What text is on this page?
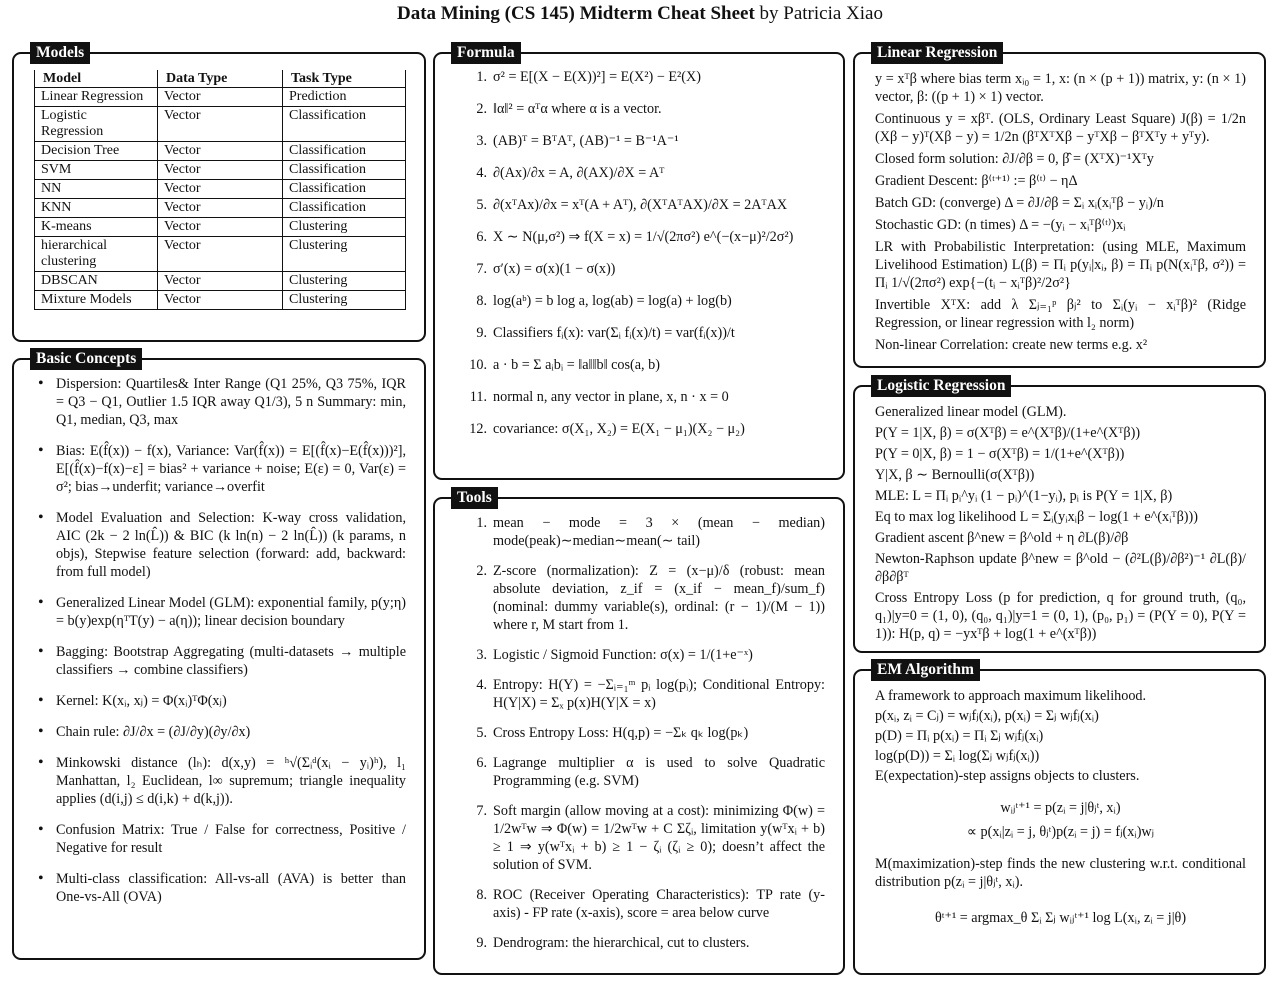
Data Mining (CS 145) Midterm Cheat Sheet by Patricia Xiao
Models
Model	Data Type	Task Type
Linear Regression	Vector	Prediction
Logistic Regression	Vector	Classification
Decision Tree	Vector	Classification
SVM	Vector	Classification
NN	Vector	Classification
KNN	Vector	Classification
K-means	Vector	Clustering
hierarchical clustering	Vector	Clustering
DBSCAN	Vector	Clustering
Mixture Models	Vector	Clustering
Basic Concepts
• Dispersion: Quartiles& Inter Range (Q1 25%, Q3 75%, IQR = Q3 − Q1, Outlier 1.5 IQR away Q1/3), 5 n Summary: min, Q1, median, Q3, max
• Bias: E(f̂(x)) − f(x), Variance: Var(f̂(x)) = E[(f̂(x)−E(f̂(x)))²], E[(f̂(x)−f(x)−ε] = bias² + variance + noise; E(ε) = 0, Var(ε) = σ²; bias→underfit; variance→overfit
• Model Evaluation and Selection: K-way cross validation, AIC (2k − 2 ln(L̂)) & BIC (k ln(n) − 2 ln(L̂)) (k params, n objs), Stepwise feature selection (forward: add, backward: from full model)
• Generalized Linear Model (GLM): exponential family, p(y;η) = b(y)exp(ηᵀT(y) − a(η)); linear decision boundary
• Bagging: Bootstrap Aggregating (multi-datasets → multiple classifiers → combine classifiers)
• Kernel: K(xᵢ, xⱼ) = Φ(xᵢ)ᵀΦ(xⱼ)
• Chain rule: ∂J/∂x = (∂J/∂y)(∂y/∂x)
• Minkowski distance (lₕ): d(x,y) = ʰ√(Σᵢᵈ(xᵢ − yᵢ)ʰ), l₁ Manhattan, l₂ Euclidean, l∞ supremum; triangle inequality applies (d(i,j) ≤ d(i,k) + d(k,j)).
• Confusion Matrix: True / False for correctness, Positive / Negative for result
• Multi-class classification: All-vs-all (AVA) is better than One-vs-All (OVA)
Formula
1. σ² = E[(X − E(X))²] = E(X²) − E²(X)
2. ‖α‖² = αᵀα where α is a vector.
3. (AB)ᵀ = BᵀAᵀ, (AB)⁻¹ = B⁻¹A⁻¹
4. ∂(Ax)/∂x = A, ∂(AX)/∂X = Aᵀ
5. ∂(xᵀAx)/∂x = xᵀ(A + Aᵀ), ∂(XᵀAᵀAX)/∂X = 2AᵀAX
6. X ∼ N(μ,σ²) ⇒ f(X = x) = 1/√(2πσ²) e^(−(x−μ)²/2σ²)
7. σ′(x) = σ(x)(1 − σ(x))
8. log(aᵇ) = b log a, log(ab) = log(a) + log(b)
9. Classifiers fᵢ(x): var(Σᵢ fᵢ(x)/t) = var(fᵢ(x))/t
10. a · b = Σ aᵢbᵢ = ‖a‖‖b‖ cos(a, b)
11. normal n, any vector in plane, x, n · x = 0
12. covariance: σ(X₁, X₂) = E(X₁ − μ₁)(X₂ − μ₂)
Tools
1. mean − mode = 3 × (mean − median) mode(peak)∼median∼mean(∼ tail)
2. Z-score (normalization): Z = (x−μ)/δ (robust: mean absolute deviation, z_if = (x_if − mean_f)/sum_f) (nominal: dummy variable(s), ordinal: (r − 1)/(M − 1)) where r, M start from 1.
3. Logistic / Sigmoid Function: σ(x) = 1/(1+e⁻ˣ)
4. Entropy: H(Y) = −Σᵢ₌₁ᵐ pᵢ log(pᵢ); Conditional Entropy: H(Y|X) = Σₓ p(x)H(Y|X = x)
5. Cross Entropy Loss: H(q,p) = −Σₖ qₖ log(pₖ)
6. Lagrange multiplier α is used to solve Quadratic Programming (e.g. SVM)
7. Soft margin (allow moving at a cost): minimizing Φ(w) = 1/2wᵀw ⇒ Φ(w) = 1/2wᵀw + C Σζᵢ, limitation y(wᵀxᵢ + b) ≥ 1 ⇒ y(wᵀxᵢ + b) ≥ 1 − ζᵢ (ζᵢ ≥ 0); doesn’t affect the solution of SVM.
8. ROC (Receiver Operating Characteristics): TP rate (y-axis) - FP rate (x-axis), score = area below curve
9. Dendrogram: the hierarchical, cut to clusters.
Linear Regression

y = xᵀβ where bias term xᵢ₀ = 1, x: (n × (p + 1)) matrix, y: (n × 1) vector, β: ((p + 1) × 1) vector.

Continuous y = xβᵀ. (OLS, Ordinary Least Square) J(β) = 1/2n (Xβ − y)ᵀ(Xβ − y) = 1/2n (βᵀXᵀXβ − yᵀXβ − βᵀXᵀy + yᵀy).

Closed form solution: ∂J/∂β = 0, β̂ = (XᵀX)⁻¹Xᵀy

Gradient Descent: β⁽ᵗ⁺¹⁾ := β⁽ᵗ⁾ − ηΔ

Batch GD: (converge) Δ = ∂J/∂β = Σᵢ xᵢ(xᵢᵀβ − yᵢ)/n

Stochastic GD: (n times) Δ = −(yᵢ − xᵢᵀβ⁽ᵗ⁾)xᵢ

LR with Probabilistic Interpretation: (using MLE, Maximum Livelihood Estimation) L(β) = Πᵢ p(yᵢ|xᵢ, β) = Πᵢ p(N(xᵢᵀβ, σ²)) = Πᵢ 1/√(2πσ²) exp{−(tᵢ − xᵢᵀβ)²/2σ²}

Invertible XᵀX: add λ Σⱼ₌₁ᵖ βⱼ² to Σᵢ(yᵢ − xᵢᵀβ)² (Ridge Regression, or linear regression with l₂ norm)

Non-linear Correlation: create new terms e.g. x²

Logistic Regression

Generalized linear model (GLM).

P(Y = 1|X, β) = σ(Xᵀβ) = e^(Xᵀβ)/(1+e^(Xᵀβ))

P(Y = 0|X, β) = 1 − σ(Xᵀβ) = 1/(1+e^(Xᵀβ))

Y|X, β ∼ Bernoulli(σ(Xᵀβ))

MLE: L = Πᵢ pᵢ^yᵢ (1 − pᵢ)^(1−yᵢ), pᵢ is P(Y = 1|X, β)

Eq to max log likelihood L = Σᵢ(yᵢxᵢβ − log(1 + e^(xᵢᵀβ)))

Gradient ascent β^new = β^old + η ∂L(β)/∂β

Newton-Raphson update β^new = β^old − (∂²L(β)/∂β²)⁻¹ ∂L(β)/∂β∂βᵀ

Cross Entropy Loss (p for prediction, q for ground truth, (q₀, q₁)|y=0 = (1, 0), (q₀, q₁)|y=1 = (0, 1), (p₀, p₁) = (P(Y = 0), P(Y = 1)): H(p, q) = −yxᵀβ + log(1 + e^(xᵀβ))

EM Algorithm

A framework to approach maximum likelihood.

p(xᵢ, zᵢ = Cⱼ) = wⱼfⱼ(xᵢ), p(xᵢ) = Σⱼ wⱼfⱼ(xᵢ)

p(D) = Πᵢ p(xᵢ) = Πᵢ Σⱼ wⱼfⱼ(xᵢ)

log(p(D)) = Σᵢ log(Σⱼ wⱼfⱼ(xᵢ))

E(expectation)-step assigns objects to clusters.

wᵢⱼᵗ⁺¹ = p(zᵢ = j|θⱼᵗ, xᵢ)

∝ p(xᵢ|zᵢ = j, θⱼᵗ)p(zᵢ = j) = fⱼ(xᵢ)wⱼ

M(maximization)-step finds the new clustering w.r.t. conditional distribution p(zᵢ = j|θⱼᵗ, xᵢ).

θᵗ⁺¹ = argmax_θ Σᵢ Σⱼ wᵢⱼᵗ⁺¹ log L(xᵢ, zᵢ = j|θ)
